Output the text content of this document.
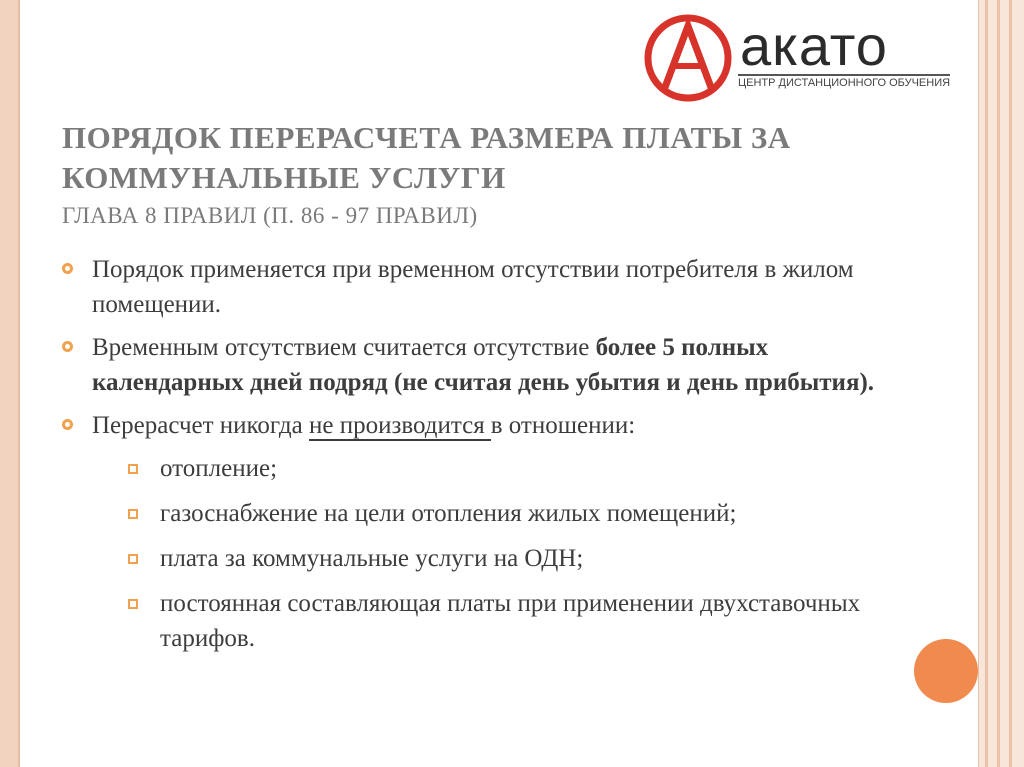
акато
ЦЕНТР ДИСТАНЦИОННОГО ОБУЧЕНИЯ
ПОРЯДОК ПЕРЕРАСЧЕТА РАЗМЕРА ПЛАТЫ ЗА
КОММУНАЛЬНЫЕ УСЛУГИ
ГЛАВА 8 ПРАВИЛ (П. 86 - 97 ПРАВИЛ)
Порядок применяется при временном отсутствии потребителя в жилом помещении.
Временным отсутствием считается отсутствие более 5 полных календарных дней подряд (не считая день убытия и день прибытия).
Перерасчет никогда не производится в отношении:
отопление;
газоснабжение на цели отопления жилых помещений;
плата за коммунальные услуги на ОДН;
постоянная составляющая платы при применении двухставочных тарифов.
